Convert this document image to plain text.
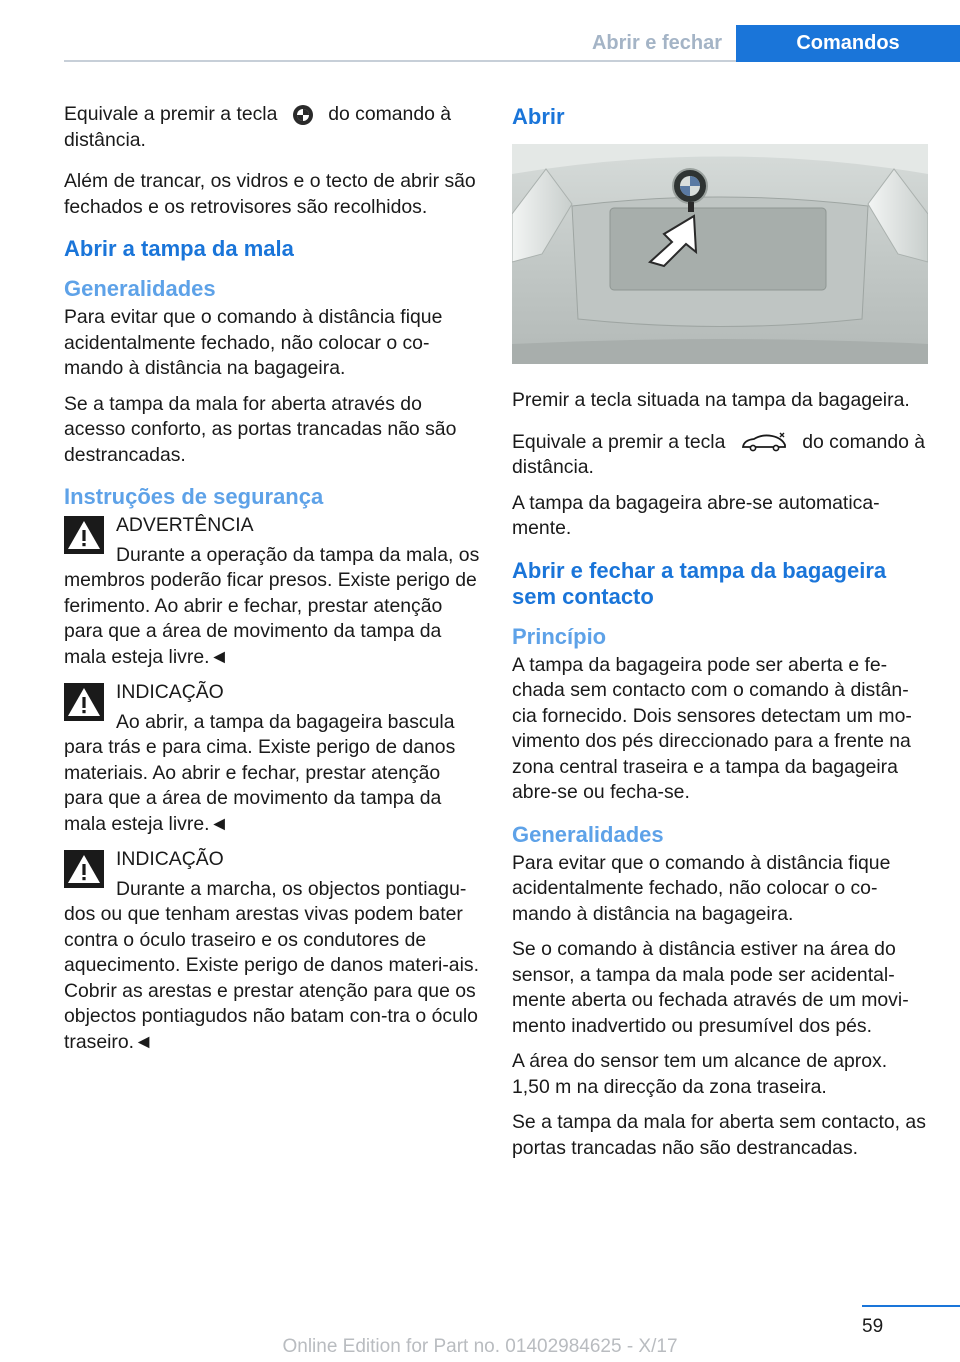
Abrir e fechar	Comandos

Equivale a premir a tecla	do comando à distância.

Além de trancar, os vidros e o tecto de abrir são fechados e os retrovisores são recolhidos.

Abrir a tampa da mala
Generalidades

Para evitar que o comando à distância fique acidentalmente fechado, não colocar o co-mando à distância na bagageira.

Se a tampa da mala for aberta através do acesso conforto, as portas trancadas não são destrancadas.

Instruções de segurança
ADVERTÊNCIA
Durante a operação da tampa da mala, os

membros poderão ficar presos. Existe perigo de ferimento. Ao abrir e fechar, prestar atenção para que a área de movimento da tampa da mala esteja livre.◄

INDICAÇÃO
Ao abrir, a tampa da bagageira bascula

para trás e para cima. Existe perigo de danos materiais. Ao abrir e fechar, prestar atenção para que a área de movimento da tampa da mala esteja livre.◄

INDICAÇÃO
Durante a marcha, os objectos pontiagu-

dos ou que tenham arestas vivas podem bater contra o óculo traseiro e os condutores de aquecimento. Existe perigo de danos materi-ais. Cobrir as arestas e prestar atenção para que os objectos pontiagudos não batam con-tra o óculo traseiro.◄

Abrir

Premir a tecla situada na tampa da bagageira.

Equivale a premir a tecla	do comando à distância.

A tampa da bagageira abre-se automatica-mente.

Abrir e fechar a tampa da bagageira sem contacto
Princípio

A tampa da bagageira pode ser aberta e fe-chada sem contacto com o comando à distân-cia fornecido. Dois sensores detectam um mo-vimento dos pés direccionado para a frente na zona central traseira e a tampa da bagageira abre-se ou fecha-se.

Generalidades

Para evitar que o comando à distância fique acidentalmente fechado, não colocar o co-mando à distância na bagageira.

Se o comando à distância estiver na área do sensor, a tampa da mala pode ser acidental-mente aberta ou fechada através de um movi-mento inadvertido ou presumível dos pés.

A área do sensor tem um alcance de aprox. 1,50 m na direcção da zona traseira.

Se a tampa da mala for aberta sem contacto, as portas trancadas não são destrancadas.

59
Online Edition for Part no. 01402984625 - X/17
